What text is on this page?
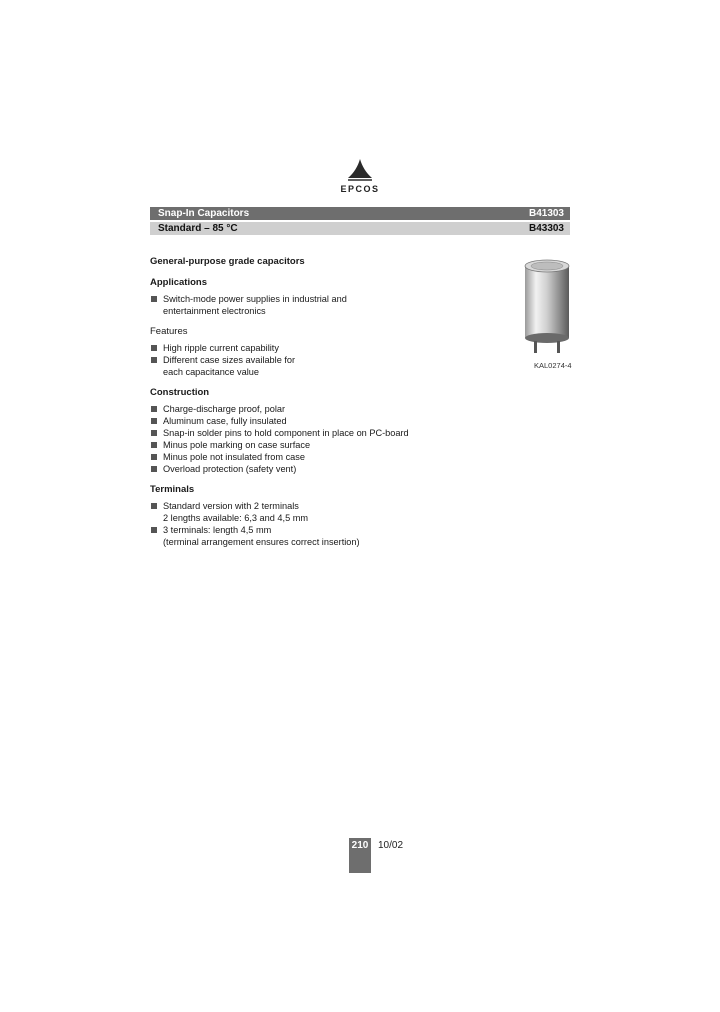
EPCOS
Snap-In Capacitors	B41303
Standard – 85 °C	B43303
General-purpose grade capacitors
Applications
Switch-mode power supplies in industrial and
entertainment electronics
Features
High ripple current capability
Different case sizes available for
each capacitance value
Construction
Charge-discharge proof, polar
Aluminum case, fully insulated
Snap-in solder pins to hold component in place on PC-board
Minus pole marking on case surface
Minus pole not insulated from case
Overload protection (safety vent)
Terminals
Standard version with 2 terminals
2 lengths available: 6,3 and 4,5 mm
3 terminals: length 4,5 mm
(terminal arrangement ensures correct insertion)
KAL0274-4
210 10/02
